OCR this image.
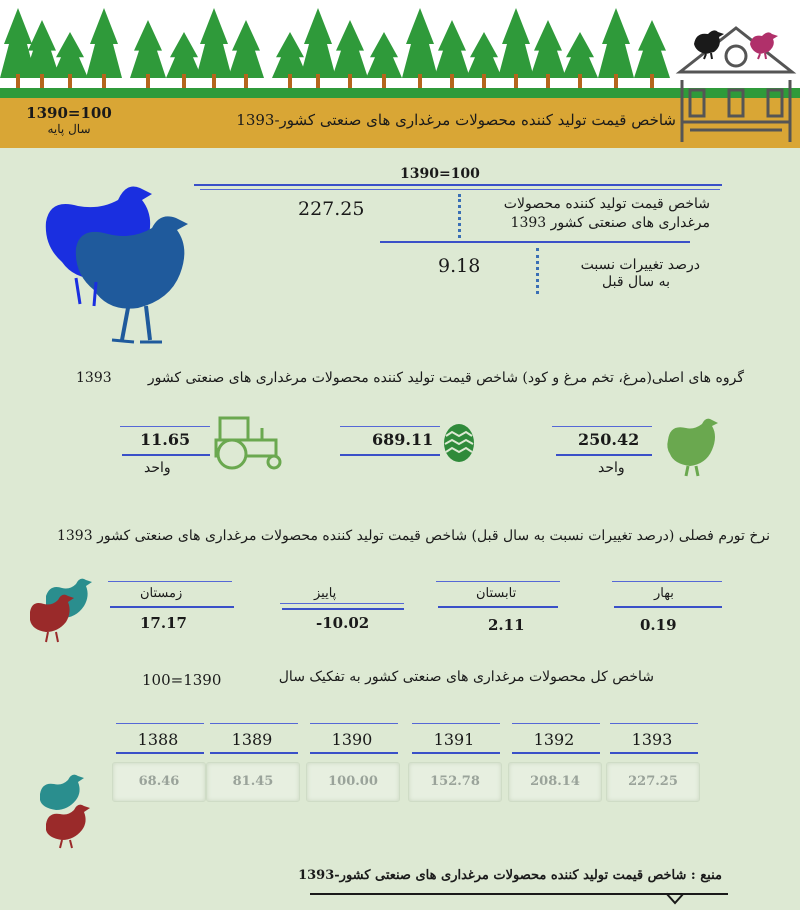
شاخص قیمت تولید کننده محصولات مرغداری های صنعتی کشور-1393
1390=100
سال پایه
1390=100
227.25	شاخص قیمت تولید کننده محصولات
مرغداری های صنعتی کشور 1393
9.18	درصد تغییرات نسبت
به سال قبل
گروه های اصلی(مرغ، تخم مرغ و کود) شاخص قیمت تولید کننده محصولات مرغداری های صنعتی کشور
1393
250.42
واحد
689.11
11.65
واحد
نرخ تورم فصلی (درصد تغییرات نسبت به سال قبل) شاخص قیمت تولید کننده محصولات مرغداری های صنعتی کشور 1393
بهار
0.19
تابستان
2.11
پاییز
-10.02
زمستان
17.17
شاخص کل محصولات مرغداری های صنعتی کشور به تفکیک سال
100=1390
1388
68.46
1389
81.45
1390
100.00
1391
152.78
1392
208.14
1393
227.25
منبع : شاخص قیمت تولید کننده محصولات مرغداری های صنعتی کشور-1393
